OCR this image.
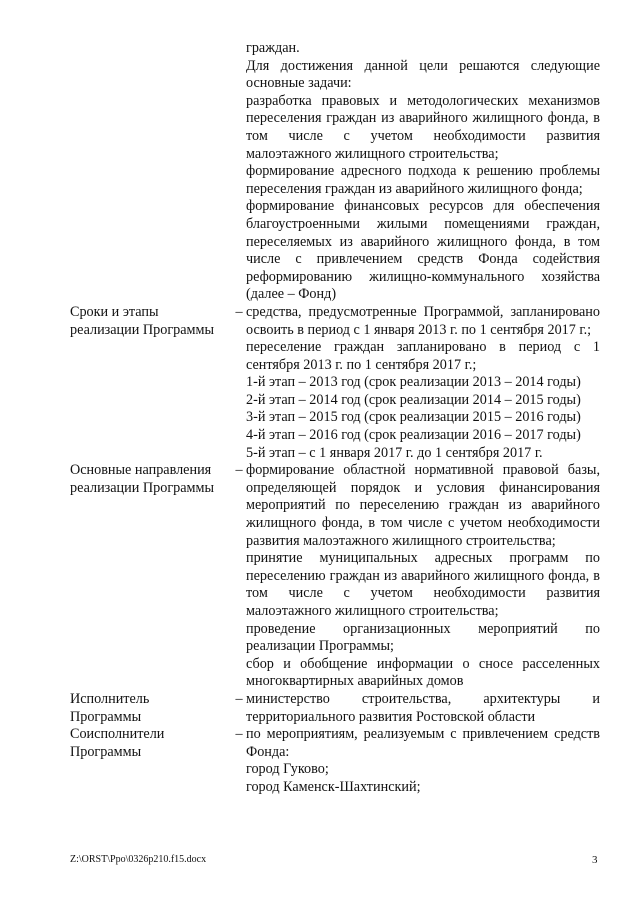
граждан.

Для достижения данной цели решаются следующие основные задачи:

разработка правовых и методологических механизмов переселения граждан из аварийного жилищного фонда, в том числе с учетом необходимости развития малоэтажного жилищного строительства;

формирование адресного подхода к решению проблемы переселения граждан из аварийного жилищного фонда;

формирование финансовых ресурсов для обеспечения благоустроенными жилыми помещениями граждан, переселяемых из аварийного жилищного фонда, в том числе с привлечением средств Фонда содействия реформированию жилищно-коммунального хозяйства (далее – Фонд)

Сроки и этапы

реализации Программы

– средства, предусмотренные Программой, запланировано освоить в период с 1 января 2013 г. по 1 сентября 2017 г.;

переселение граждан запланировано в период с 1 сентября 2013 г. по 1 сентября 2017 г.;

1-й этап – 2013 год (срок реализации 2013 – 2014 годы)

2-й этап – 2014 год (срок реализации 2014 – 2015 годы)

3-й этап – 2015 год (срок реализации 2015 – 2016 годы)

4-й этап – 2016 год (срок реализации 2016 – 2017 годы)

5-й этап – с 1 января 2017 г. до 1 сентября 2017 г.

Основные направления

реализации Программы

– формирование областной нормативной правовой базы, определяющей порядок и условия финансирования мероприятий по переселению граждан из аварийного жилищного фонда, в том числе с учетом необходимости развития малоэтажного жилищного строительства;

принятие муниципальных адресных программ по переселению граждан из аварийного жилищного фонда, в том числе с учетом необходимости развития малоэтажного жилищного строительства;

проведение организационных мероприятий по реализации Программы;

сбор и обобщение информации о сносе расселенных многоквартирных аварийных домов

Исполнитель

Программы

– министерство строительства, архитектуры и территориального развития Ростовской области

Соисполнители

Программы

– по мероприятиям, реализуемым с привлечением средств Фонда:

город Гуково;

город Каменск-Шахтинский;

Z:\ORST\Ppo\0326p210.f15.docx	3
